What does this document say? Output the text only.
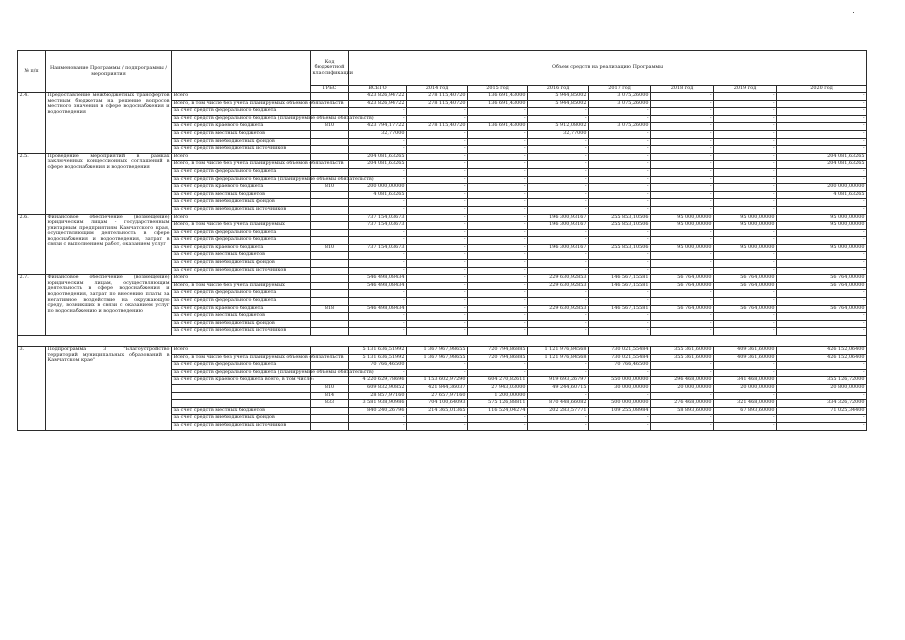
№ п/п	Наименование Программы / подпрограммы / мероприятия		Код бюджетной классификации	Объем средств на реализацию Программы							
			ГРБС	ВСЕГО	2014 год	2015 год	2016 год	2017 год	2018 год	2019 год	2020 год
2.4.	Предоставление межбюджетных трансфертов местным бюджетам на решение вопросов местного значения в сфере водоснабжения и водоотведения	Всего		423 826,94722	278 115,40720	136 691,43000	5 944,85002	3 075,26000	-	-	-
		Всего, в том числе без учета планируемых объемов обязательств		423 826,94722	278 115,40720	136 691,43000	5 944,85002	3 075,26000	-	-	-
		за счет средств федерального бюджета		-	-	-	-	-	-	-	-
		за счет средств федерального бюджета (планируемые объемы обязательств)		-	-	-	-	-	-	-	-
		за счет средств краевого бюджета	810	423 794,17722	278 115,40720	136 691,43000	5 912,08002	3 075,26000	-	-	-
		за счет средств местных бюджетов		32,77000	-	-	32,77000	-	-	-	-
		за счет средств внебюджетных фондов		-	-	-	-	-	-	-	-
		за счет средств внебюджетных источников		-	-	-	-	-	-	-	-
2.5.	Проведение мероприятий в рамках заключенных концессионных соглашений в сфере водоснабжения и водоотведения	Всего		204 081,63265	-	-	-	-	-	-	204 081,63265
		Всего, в том числе без учета планируемых объемов обязательств		204 081,63265	-	-	-	-	-	-	204 081,63265
		за счет средств федерального бюджета		-	-	-	-	-	-	-	-
		за счет средств федерального бюджета (планируемые объемы обязательств)		-	-	-	-	-	-	-	-
		за счет средств краевого бюджета	810	200 000,00000	-	-	-	-	-	-	200 000,00000
		за счет средств местных бюджетов		4 081,63265	-	-	-	-	-	-	4 081,63265
		за счет средств внебюджетных фондов		-	-	-	-	-	-	-	-
		за счет средств внебюджетных источников		-	-	-	-	-	-	-	-
2.6.	Финансовое обеспечение (возмещение) юридическим лицам - государственным унитарным предприятиям Камчатского края, осуществляющим деятельность в сфере водоснабжения и водоотведения, затрат в связи с выполнением работ, оказанием услуг	Всего		737 154,03673	-	-	196 300,93167	255 853,10506	95 000,00000	95 000,00000	95 000,00000
		Всего, в том числе без учета планируемых		737 154,03673	-	-	196 300,93167	255 853,10506	95 000,00000	95 000,00000	95 000,00000
		за счет средств федерального бюджета		-	-	-	-	-	-	-	-
		за счет средств федерального бюджета		-	-	-	-	-	-	-	-
		за счет средств краевого бюджета	810	737 154,03673	-	-	196 300,93167	255 853,10506	95 000,00000	95 000,00000	95 000,00000
		за счет средств местных бюджетов		-	-	-	-	-	-	-	-
		за счет средств внебюджетных фондов		-	-	-	-	-	-	-	-
		за счет средств внебюджетных источников		-	-	-	-	-	-	-	-
2.7.	Финансовое обеспечение (возмещение) юридическим лицам, осуществляющим деятельность в сфере водоснабжения и водоотведения, затрат по внесению платы за негативное воздействие на окружающую среду, возникших в связи с оказанием услуг по водоснабжению и водоотведению	Всего		546 498,08434	-	-	229 630,92853	146 567,15581	56 764,00000	56 764,00000	56 764,00000
		Всего, в том числе без учета планируемых		546 498,08434	-	-	229 630,92853	146 567,15581	56 764,00000	56 764,00000	56 764,00000
		за счет средств федерального бюджета		-	-	-	-	-	-	-	-
		за счет средств федерального бюджета		-	-	-	-	-	-	-	-
		за счет средств краевого бюджета	818	546 498,08434	-	-	229 630,92853	146 567,15581	56 764,00000	56 764,00000	56 764,00000
		за счет средств местных бюджетов		-	-	-	-	-	-	-	-
		за счет средств внебюджетных фондов		-	-	-	-	-	-	-	-
		за счет средств внебюджетных источников		-	-	-	-	-	-	-	-

3.	Подпрограмма 3 "Благоустройство территорий муниципальных образований в Камчатском крае"	Всего		5 131 636,51992	1 367 967,98655	720 794,86885	1 121 976,84568	730 021,55484	355 361,60000	409 361,60000	426 152,06400
		Всего, в том числе без учета планируемых объемов обязательств		5 131 636,51992	1 367 967,98655	720 794,86885	1 121 976,84568	730 021,55484	355 361,60000	409 361,60000	426 152,06400
		за счет средств федерального бюджета		70 766,46500	-	-	-	70 766,46500	-	-	-
		за счет средств федерального бюджета (планируемые объемы обязательств)		-	-	-	-	-	-	-	-
		за счет средств краевого бюджета всего, в том числе:		4 220 629,78696	1 153 602,97290	604 270,82611	919 693,26797	550 000,00000	296 468,00000	341 468,00000	355 126,72000
			810	609 832,90852	421 844,36037	27 943,03000	49 244,60715	30 000,00000	20 000,00000	20 000,00000	20 800,00000
			814	28 857,97160	27 657,97160	1 200,00000	-	-	-	-	-
			833	3 581 938,90986	704 100,64093	575 126,88811	870 448,66082	500 000,00000	276 468,00000	321 468,00000	334 326,72000
		за счет средств местных бюджетов		840 240,26796	214 365,01365	116 524,04274	202 283,57771	109 255,08984	58 893,60000	67 893,60000	71 025,34400
		за счет средств внебюджетных фондов		-	-	-	-	-	-	-	-
		за счет средств внебюджетных источников		-	-	-	-	-	-	-	-
